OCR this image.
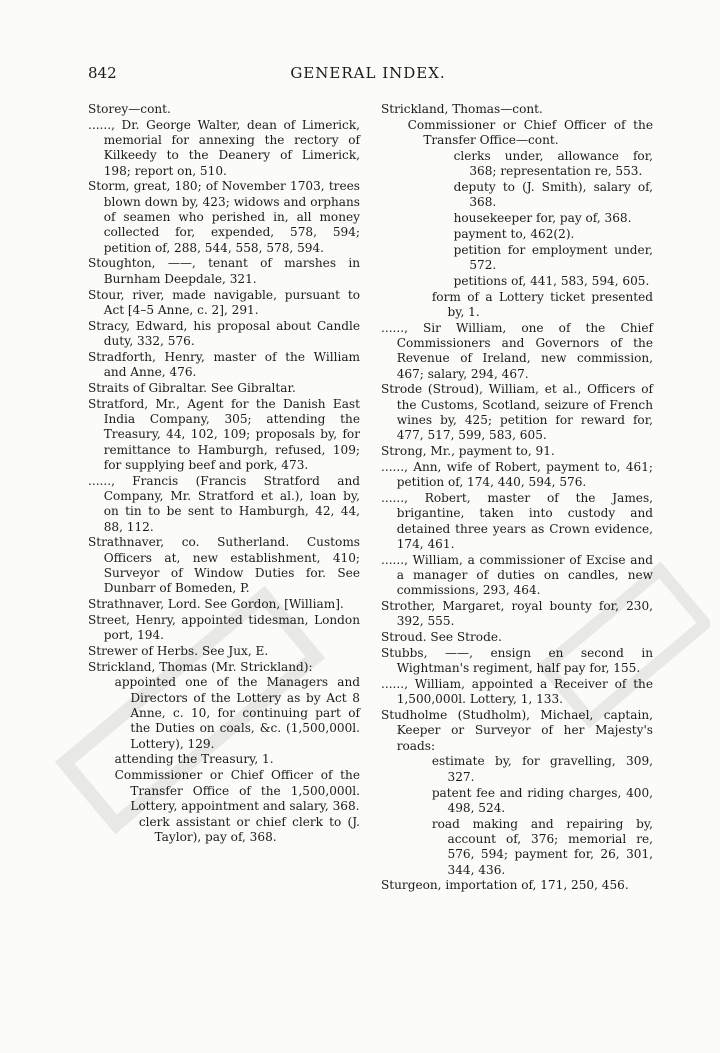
842	GENERAL INDEX.
Storey—cont.
......, Dr. George Walter, dean of Limerick, memorial for annexing the rectory of Kilkeedy to the Deanery of Limerick, 198; report on, 510.
Storm, great, 180; of November 1703, trees blown down by, 423; widows and orphans of seamen who perished in, all money collected for, expended, 578, 594; petition of, 288, 544, 558, 578, 594.
Stoughton, ——, tenant of marshes in Burnham Deepdale, 321.
Stour, river, made navigable, pursuant to Act [4–5 Anne, c. 2], 291.
Stracy, Edward, his proposal about Candle duty, 332, 576.
Stradforth, Henry, master of the William and Anne, 476.
Straits of Gibraltar. See Gibraltar.
Stratford, Mr., Agent for the Danish East India Company, 305; attending the Treasury, 44, 102, 109; proposals by, for remittance to Hamburgh, refused, 109; for supplying beef and pork, 473.
......, Francis (Francis Stratford and Company, Mr. Stratford et al.), loan by, on tin to be sent to Hamburgh, 42, 44, 88, 112.
Strathnaver, co. Sutherland. Customs Officers at, new establishment, 410; Surveyor of Window Duties for. See Dunbarr of Bomeden, P.
Strathnaver, Lord. See Gordon, [William].
Street, Henry, appointed tidesman, London port, 194.
Strewer of Herbs. See Jux, E.
Strickland, Thomas (Mr. Strickland):
appointed one of the Managers and Directors of the Lottery as by Act 8 Anne, c. 10, for continuing part of the Duties on coals, &c. (1,500,000l. Lottery), 129.
attending the Treasury, 1.
Commissioner or Chief Officer of the Transfer Office of the 1,500,000l. Lottery, appointment and salary, 368.
clerk assistant or chief clerk to (J. Taylor), pay of, 368.
Strickland, Thomas—cont.
Commissioner or Chief Officer of the Transfer Office—cont.
clerks under, allowance for, 368; representation re, 553.
deputy to (J. Smith), salary of, 368.
housekeeper for, pay of, 368.
payment to, 462(2).
petition for employment under, 572.
petitions of, 441, 583, 594, 605.
form of a Lottery ticket presented by, 1.
......, Sir William, one of the Chief Commissioners and Governors of the Revenue of Ireland, new commission, 467; salary, 294, 467.
Strode (Stroud), William, et al., Officers of the Customs, Scotland, seizure of French wines by, 425; petition for reward for, 477, 517, 599, 583, 605.
Strong, Mr., payment to, 91.
......, Ann, wife of Robert, payment to, 461; petition of, 174, 440, 594, 576.
......, Robert, master of the James, brigantine, taken into custody and detained three years as Crown evidence, 174, 461.
......, William, a commissioner of Excise and a manager of duties on candles, new commissions, 293, 464.
Strother, Margaret, royal bounty for, 230, 392, 555.
Stroud. See Strode.
Stubbs, ——, ensign en second in Wightman's regiment, half pay for, 155.
......, William, appointed a Receiver of the 1,500,000l. Lottery, 1, 133.
Studholme (Studholm), Michael, captain, Keeper or Surveyor of her Majesty's roads:
estimate by, for gravelling, 309, 327.
patent fee and riding charges, 400, 498, 524.
road making and repairing by, account of, 376; memorial re, 576, 594; payment for, 26, 301, 344, 436.
Sturgeon, importation of, 171, 250, 456.
